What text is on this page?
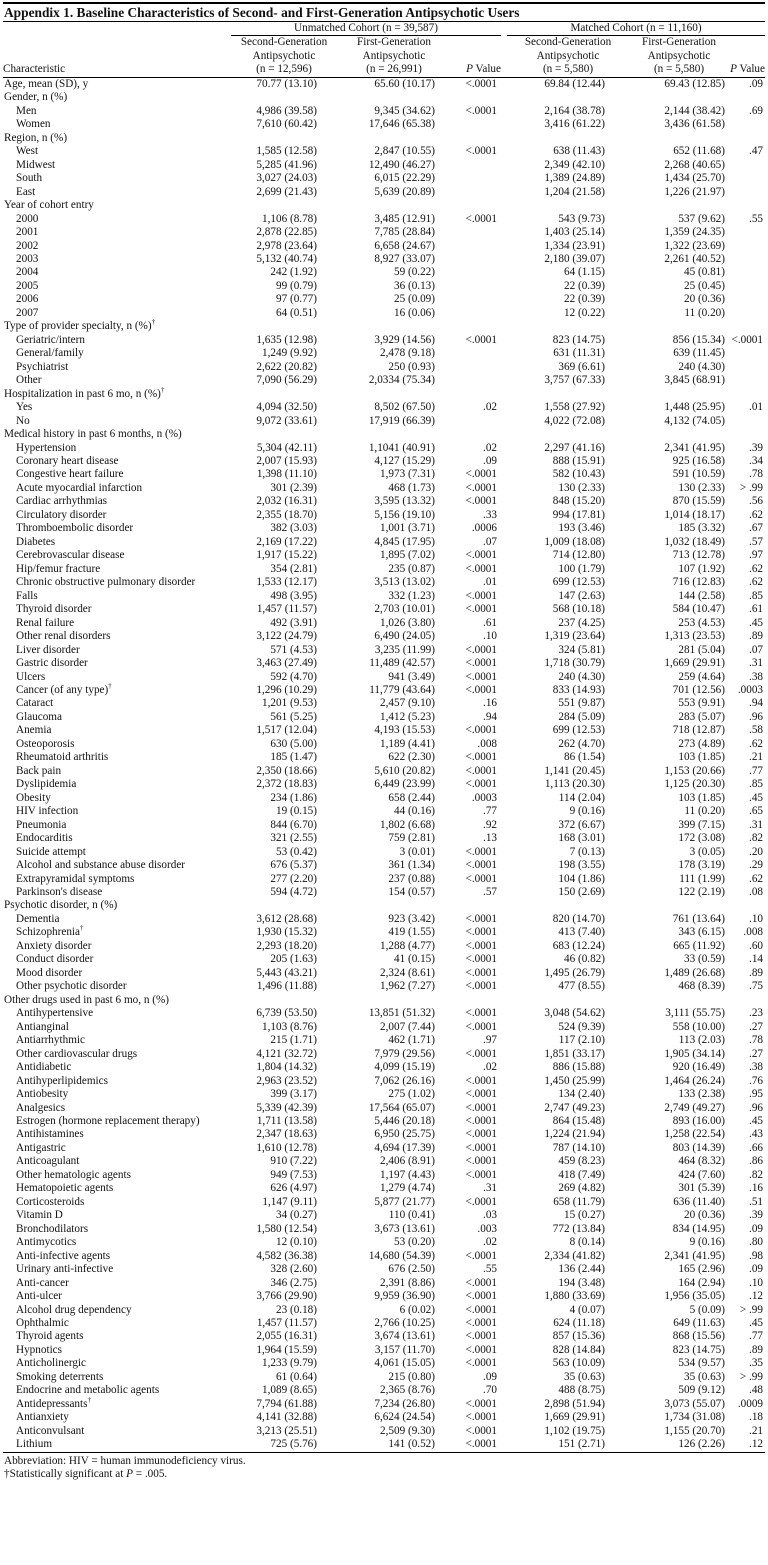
Appendix 1. Baseline Characteristics of Second- and First-Generation Antipsychotic Users
	Unmatched Cohort (n = 39,587)				Matched Cohort (n = 11,160)		
	Second-Generation
Antipsychotic	First-Generation
Antipsychotic			Second-Generation
Antipsychotic	First-Generation
Antipsychotic	
Characteristic	(n = 12,596)	(n = 26,991)	P Value		(n = 5,580)	(n = 5,580)	P Value
Age, mean (SD), y	70.77 (13.10)	65.60 (10.17)	<.0001		69.84 (12.44)	69.43 (12.85)	.09
Gender, n (%)							
Men	4,986 (39.58)	9,345 (34.62)	<.0001		2,164 (38.78)	2,144 (38.42)	.69
Women	7,610 (60.42)	17,646 (65.38)			3,416 (61.22)	3,436 (61.58)	
Region, n (%)							
West	1,585 (12.58)	2,847 (10.55)	<.0001		638 (11.43)	652 (11.68)	.47
Midwest	5,285 (41.96)	12,490 (46.27)			2,349 (42.10)	2,268 (40.65)	
South	3,027 (24.03)	6,015 (22.29)			1,389 (24.89)	1,434 (25.70)	
East	2,699 (21.43)	5,639 (20.89)			1,204 (21.58)	1,226 (21.97)	
Year of cohort entry							
2000	1,106 (8.78)	3,485 (12.91)	<.0001		543 (9.73)	537 (9.62)	.55
2001	2,878 (22.85)	7,785 (28.84)			1,403 (25.14)	1,359 (24.35)	
2002	2,978 (23.64)	6,658 (24.67)			1,334 (23.91)	1,322 (23.69)	
2003	5,132 (40.74)	8,927 (33.07)			2,180 (39.07)	2,261 (40.52)	
2004	242 (1.92)	59 (0.22)			64 (1.15)	45 (0.81)	
2005	99 (0.79)	36 (0.13)			22 (0.39)	25 (0.45)	
2006	97 (0.77)	25 (0.09)			22 (0.39)	20 (0.36)	
2007	64 (0.51)	16 (0.06)			12 (0.22)	11 (0.20)	
Type of provider specialty, n (%)†							
Geriatric/intern	1,635 (12.98)	3,929 (14.56)	<.0001		823 (14.75)	856 (15.34)	<.0001
General/family	1,249 (9.92)	2,478 (9.18)			631 (11.31)	639 (11.45)	
Psychiatrist	2,622 (20.82)	250 (0.93)			369 (6.61)	240 (4.30)	
Other	7,090 (56.29)	2,0334 (75.34)			3,757 (67.33)	3,845 (68.91)	
Hospitalization in past 6 mo, n (%)†							
Yes	4,094 (32.50)	8,502 (67.50)	.02		1,558 (27.92)	1,448 (25.95)	.01
No	9,072 (33.61)	17,919 (66.39)			4,022 (72.08)	4,132 (74.05)	
Medical history in past 6 months, n (%)							
Hypertension	5,304 (42.11)	1,1041 (40.91)	.02		2,297 (41.16)	2,341 (41.95)	.39
Coronary heart disease	2,007 (15.93)	4,127 (15.29)	.09		888 (15.91)	925 (16.58)	.34
Congestive heart failure	1,398 (11.10)	1,973 (7.31)	<.0001		582 (10.43)	591 (10.59)	.78
Acute myocardial infarction	301 (2.39)	468 (1.73)	<.0001		130 (2.33)	130 (2.33)	> .99
Cardiac arrhythmias	2,032 (16.31)	3,595 (13.32)	<.0001		848 (15.20)	870 (15.59)	.56
Circulatory disorder	2,355 (18.70)	5,156 (19.10)	.33		994 (17.81)	1,014 (18.17)	.62
Thromboembolic disorder	382 (3.03)	1,001 (3.71)	.0006		193 (3.46)	185 (3.32)	.67
Diabetes	2,169 (17.22)	4,845 (17.95)	.07		1,009 (18.08)	1,032 (18.49)	.57
Cerebrovascular disease	1,917 (15.22)	1,895 (7.02)	<.0001		714 (12.80)	713 (12.78)	.97
Hip/femur fracture	354 (2.81)	235 (0.87)	<.0001		100 (1.79)	107 (1.92)	.62
Chronic obstructive pulmonary disorder	1,533 (12.17)	3,513 (13.02)	.01		699 (12.53)	716 (12.83)	.62
Falls	498 (3.95)	332 (1.23)	<.0001		147 (2.63)	144 (2.58)	.85
Thyroid disorder	1,457 (11.57)	2,703 (10.01)	<.0001		568 (10.18)	584 (10.47)	.61
Renal failure	492 (3.91)	1,026 (3.80)	.61		237 (4.25)	253 (4.53)	.45
Other renal disorders	3,122 (24.79)	6,490 (24.05)	.10		1,319 (23.64)	1,313 (23.53)	.89
Liver disorder	571 (4.53)	3,235 (11.99)	<.0001		324 (5.81)	281 (5.04)	.07
Gastric disorder	3,463 (27.49)	11,489 (42.57)	<.0001		1,718 (30.79)	1,669 (29.91)	.31
Ulcers	592 (4.70)	941 (3.49)	<.0001		240 (4.30)	259 (4.64)	.38
Cancer (of any type)†	1,296 (10.29)	11,779 (43.64)	<.0001		833 (14.93)	701 (12.56)	.0003
Cataract	1,201 (9.53)	2,457 (9.10)	.16		551 (9.87)	553 (9.91)	.94
Glaucoma	561 (5.25)	1,412 (5.23)	.94		284 (5.09)	283 (5.07)	.96
Anemia	1,517 (12.04)	4,193 (15.53)	<.0001		699 (12.53)	718 (12.87)	.58
Osteoporosis	630 (5.00)	1,189 (4.41)	.008		262 (4.70)	273 (4.89)	.62
Rheumatoid arthritis	185 (1.47)	622 (2.30)	<.0001		86 (1.54)	103 (1.85)	.21
Back pain	2,350 (18.66)	5,610 (20.82)	<.0001		1,141 (20.45)	1,153 (20.66)	.77
Dyslipidemia	2,372 (18.83)	6,449 (23.99)	<.0001		1,113 (20.30)	1,125 (20.30)	.85
Obesity	234 (1.86)	658 (2.44)	.0003		114 (2.04)	103 (1.85)	.45
HIV infection	19 (0.15)	44 (0.16)	.77		9 (0.16)	11 (0.20)	.65
Pneumonia	844 (6.70)	1,802 (6.68)	.92		372 (6.67)	399 (7.15)	.31
Endocarditis	321 (2.55)	759 (2.81)	.13		168 (3.01)	172 (3.08)	.82
Suicide attempt	53 (0.42)	3 (0.01)	<.0001		7 (0.13)	3 (0.05)	.20
Alcohol and substance abuse disorder	676 (5.37)	361 (1.34)	<.0001		198 (3.55)	178 (3.19)	.29
Extrapyramidal symptoms	277 (2.20)	237 (0.88)	<.0001		104 (1.86)	111 (1.99)	.62
Parkinson's disease	594 (4.72)	154 (0.57)	.57		150 (2.69)	122 (2.19)	.08
Psychotic disorder, n (%)							
Dementia	3,612 (28.68)	923 (3.42)	<.0001		820 (14.70)	761 (13.64)	.10
Schizophrenia†	1,930 (15.32)	419 (1.55)	<.0001		413 (7.40)	343 (6.15)	.008
Anxiety disorder	2,293 (18.20)	1,288 (4.77)	<.0001		683 (12.24)	665 (11.92)	.60
Conduct disorder	205 (1.63)	41 (0.15)	<.0001		46 (0.82)	33 (0.59)	.14
Mood disorder	5,443 (43.21)	2,324 (8.61)	<.0001		1,495 (26.79)	1,489 (26.68)	.89
Other psychotic disorder	1,496 (11.88)	1,962 (7.27)	<.0001		477 (8.55)	468 (8.39)	.75
Other drugs used in past 6 mo, n (%)							
Antihypertensive	6,739 (53.50)	13,851 (51.32)	<.0001		3,048 (54.62)	3,111 (55.75)	.23
Antianginal	1,103 (8.76)	2,007 (7.44)	<.0001		524 (9.39)	558 (10.00)	.27
Antiarrhythmic	215 (1.71)	462 (1.71)	.97		117 (2.10)	113 (2.03)	.78
Other cardiovascular drugs	4,121 (32.72)	7,979 (29.56)	<.0001		1,851 (33.17)	1,905 (34.14)	.27
Antidiabetic	1,804 (14.32)	4,099 (15.19)	.02		886 (15.88)	920 (16.49)	.38
Antihyperlipidemics	2,963 (23.52)	7,062 (26.16)	<.0001		1,450 (25.99)	1,464 (26.24)	.76
Antiobesity	399 (3.17)	275 (1.02)	<.0001		134 (2.40)	133 (2.38)	.95
Analgesics	5,339 (42.39)	17,564 (65.07)	<.0001		2,747 (49.23)	2,749 (49.27)	.96
Estrogen (hormone replacement therapy)	1,711 (13.58)	5,446 (20.18)	<.0001		864 (15.48)	893 (16.00)	.45
Antihistamines	2,347 (18.63)	6,950 (25.75)	<.0001		1,224 (21.94)	1,258 (22.54)	.43
Antigastric	1,610 (12.78)	4,694 (17.39)	<.0001		787 (14.10)	803 (14.39)	.66
Anticoagulant	910 (7.22)	2,406 (8.91)	<.0001		459 (8.23)	464 (8.32)	.86
Other hematologic agents	949 (7.53)	1,197 (4.43)	<.0001		418 (7.49)	424 (7.60)	.82
Hematopoietic agents	626 (4.97)	1,279 (4.74)	.31		269 (4.82)	301 (5.39)	.16
Corticosteroids	1,147 (9.11)	5,877 (21.77)	<.0001		658 (11.79)	636 (11.40)	.51
Vitamin D	34 (0.27)	110 (0.41)	.03		15 (0.27)	20 (0.36)	.39
Bronchodilators	1,580 (12.54)	3,673 (13.61)	.003		772 (13.84)	834 (14.95)	.09
Antimycotics	12 (0.10)	53 (0.20)	.02		8 (0.14)	9 (0.16)	.80
Anti-infective agents	4,582 (36.38)	14,680 (54.39)	<.0001		2,334 (41.82)	2,341 (41.95)	.98
Urinary anti-infective	328 (2.60)	676 (2.50)	.55		136 (2.44)	165 (2.96)	.09
Anti-cancer	346 (2.75)	2,391 (8.86)	<.0001		194 (3.48)	164 (2.94)	.10
Anti-ulcer	3,766 (29.90)	9,959 (36.90)	<.0001		1,880 (33.69)	1,956 (35.05)	.12
Alcohol drug dependency	23 (0.18)	6 (0.02)	<.0001		4 (0.07)	5 (0.09)	> .99
Ophthalmic	1,457 (11.57)	2,766 (10.25)	<.0001		624 (11.18)	649 (11.63)	.45
Thyroid agents	2,055 (16.31)	3,674 (13.61)	<.0001		857 (15.36)	868 (15.56)	.77
Hypnotics	1,964 (15.59)	3,157 (11.70)	<.0001		828 (14.84)	823 (14.75)	.89
Anticholinergic	1,233 (9.79)	4,061 (15.05)	<.0001		563 (10.09)	534 (9.57)	.35
Smoking deterrents	61 (0.64)	215 (0.80)	.09		35 (0.63)	35 (0.63)	> .99
Endocrine and metabolic agents	1,089 (8.65)	2,365 (8.76)	.70		488 (8.75)	509 (9.12)	.48
Antidepressants†	7,794 (61.88)	7,234 (26.80)	<.0001		2,898 (51.94)	3,073 (55.07)	.0009
Antianxiety	4,141 (32.88)	6,624 (24.54)	<.0001		1,669 (29.91)	1,734 (31.08)	.18
Anticonvulsant	3,213 (25.51)	2,509 (9.30)	<.0001		1,102 (19.75)	1,155 (20.70)	.21
Lithium	725 (5.76)	141 (0.52)	<.0001		151 (2.71)	126 (2.26)	.12
Abbreviation: HIV = human immunodeficiency virus.
†Statistically significant at P = .005.
